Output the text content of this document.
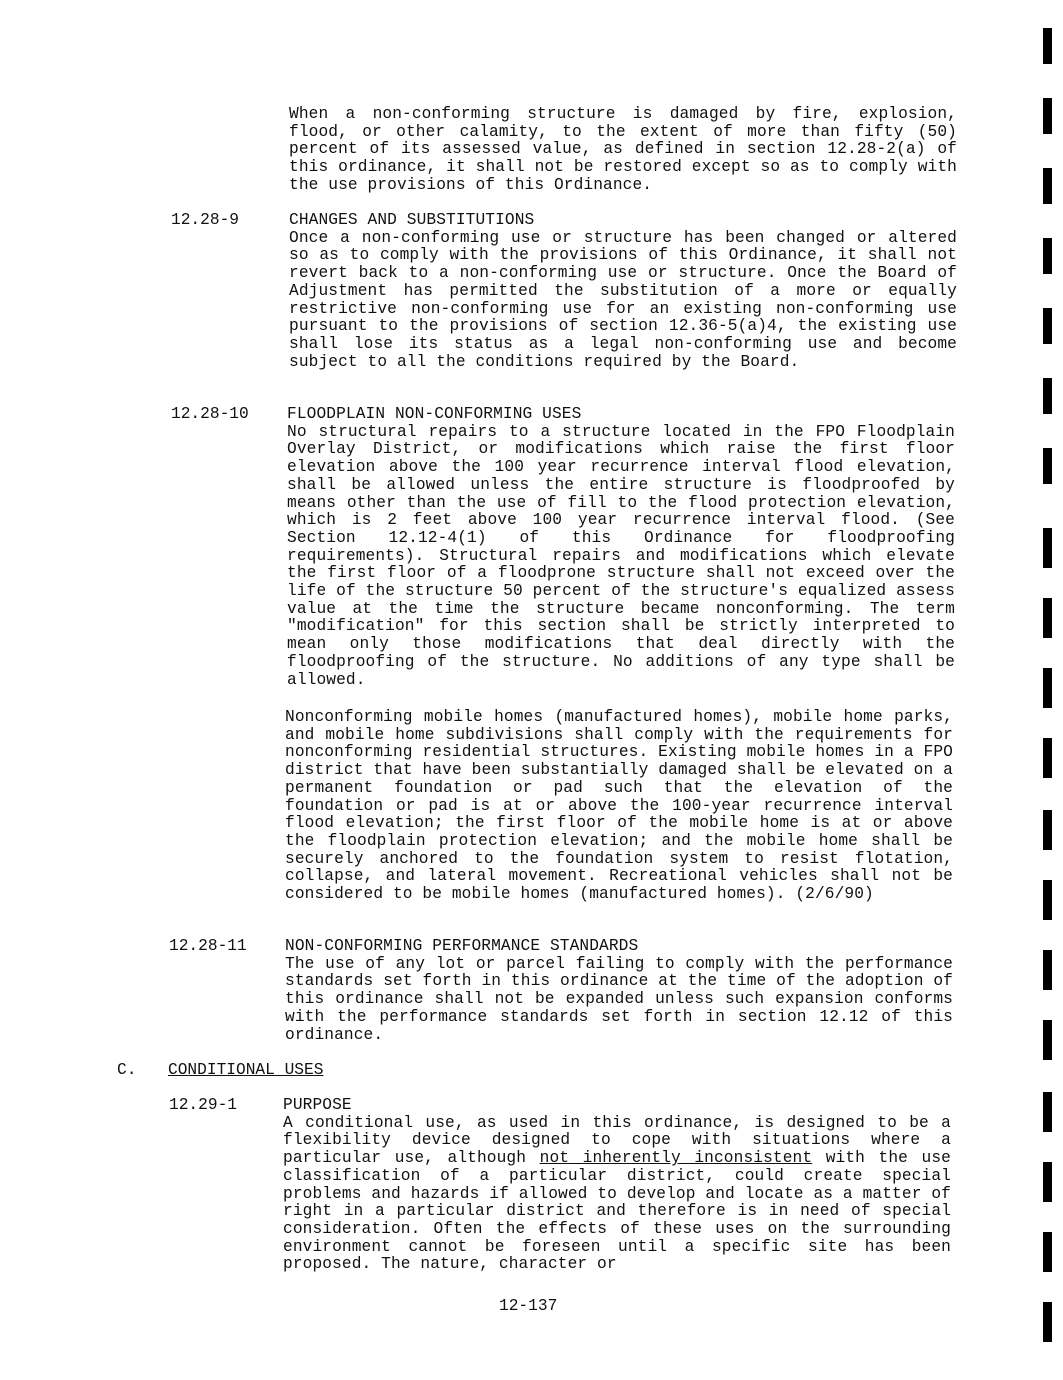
When a non-conforming structure is damaged by fire, explosion, flood, or other calamity, to the extent of more than fifty (50) percent of its assessed value, as defined in section 12.28-2(a) of this ordinance, it shall not be restored except so as to comply with the use provisions of this Ordinance.

12.28-9	CHANGES AND SUBSTITUTIONS
Once a non-conforming use or structure has been changed or altered so as to comply with the provisions of this Ordinance, it shall not revert back to a non-conforming use or structure. Once the Board of Adjustment has permitted the substitution of a more or equally restrictive non-conforming use for an existing non-conforming use pursuant to the provisions of section 12.36-5(a)4, the existing use shall lose its status as a legal non-conforming use and become subject to all the conditions required by the Board.
12.28-10 FLOODPLAIN NON-CONFORMING USES
No structural repairs to a structure located in the FPO Floodplain Overlay District, or modifications which raise the first floor elevation above the 100 year recurrence interval flood elevation, shall be allowed unless the entire structure is floodproofed by means other than the use of fill to the flood protection elevation, which is 2 feet above 100 year recurrence interval flood. (See Section 12.12-4(1) of this Ordinance for floodproofing requirements). Structural repairs and modifications which elevate the first floor of a floodprone structure shall not exceed over the life of the structure 50 percent of the structure's equalized assess value at the time the structure became nonconforming. The term "modification" for this section shall be strictly interpreted to mean only those modifications that deal directly with the floodproofing of the structure. No additions of any type shall be allowed.

Nonconforming mobile homes (manufactured homes), mobile home parks, and mobile home subdivisions shall comply with the requirements for nonconforming residential structures. Existing mobile homes in a FPO district that have been substantially damaged shall be elevated on a permanent foundation or pad such that the elevation of the foundation or pad is at or above the 100-year recurrence interval flood elevation; the first floor of the mobile home is at or above the floodplain protection elevation; and the mobile home shall be securely anchored to the foundation system to resist flotation, collapse, and lateral movement. Recreational vehicles shall not be considered to be mobile homes (manufactured homes). (2/6/90)

12.28-11 NON-CONFORMING PERFORMANCE STANDARDS
The use of any lot or parcel failing to comply with the performance standards set forth in this ordinance at the time of the adoption of this ordinance shall not be expanded unless such expansion conforms with the performance standards set forth in section 12.12 of this ordinance.
C. CONDITIONAL USES
12.29-1	PURPOSE
A conditional use, as used in this ordinance, is designed to be a flexibility device designed to cope with situations where a particular use, although not inherently inconsistent with the use classification of a particular district, could create special problems and hazards if allowed to develop and locate as a matter of right in a particular district and therefore is in need of special consideration. Often the effects of these uses on the surrounding environment cannot be foreseen until a specific site has been proposed. The nature, character or
12-137
